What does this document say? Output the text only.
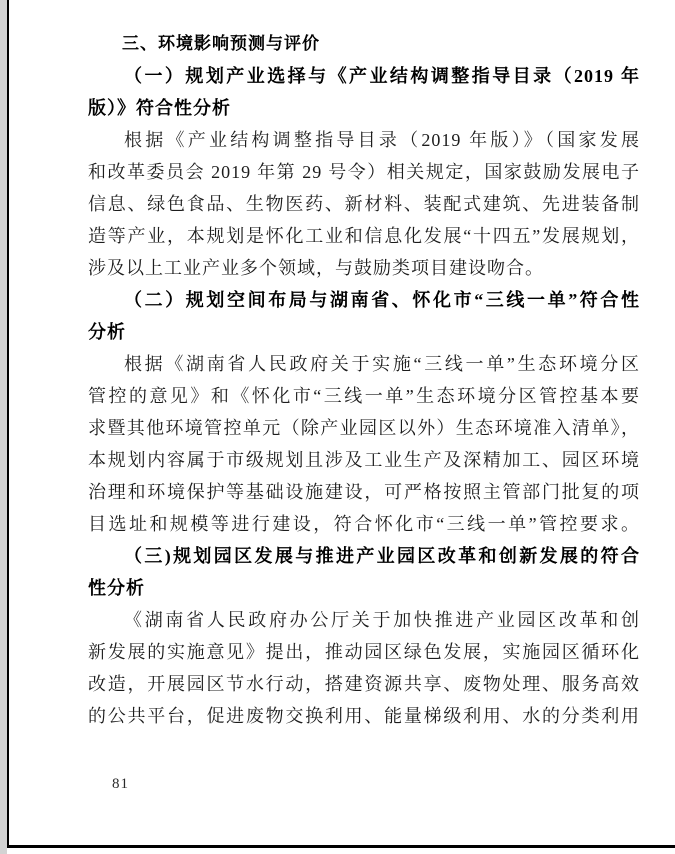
三、环境影响预测与评价
（一）规划产业选择与《产业结构调整指导目录（2019 年
版）》符合性分析
根据《产业结构调整指导目录（2019 年版）》（国家发展
和改革委员会 2019 年第 29 号令）相关规定，国家鼓励发展电子
信息、绿色食品、生物医药、新材料、装配式建筑、先进装备制
造等产业，本规划是怀化工业和信息化发展“十四五”发展规划，
涉及以上工业产业多个领域，与鼓励类项目建设吻合。
（二）规划空间布局与湖南省、怀化市“三线一单”符合性
分析
根据《湖南省人民政府关于实施“三线一单”生态环境分区
管控的意见》和《怀化市“三线一单”生态环境分区管控基本要
求暨其他环境管控单元（除产业园区以外）生态环境准入清单》，
本规划内容属于市级规划且涉及工业生产及深精加工、园区环境
治理和环境保护等基础设施建设，可严格按照主管部门批复的项
目选址和规模等进行建设，符合怀化市“三线一单”管控要求。
（三)规划园区发展与推进产业园区改革和创新发展的符合
性分析
《湖南省人民政府办公厅关于加快推进产业园区改革和创
新发展的实施意见》提出，推动园区绿色发展，实施园区循环化
改造，开展园区节水行动，搭建资源共享、废物处理、服务高效
的公共平台，促进废物交换利用、能量梯级利用、水的分类利用
81
